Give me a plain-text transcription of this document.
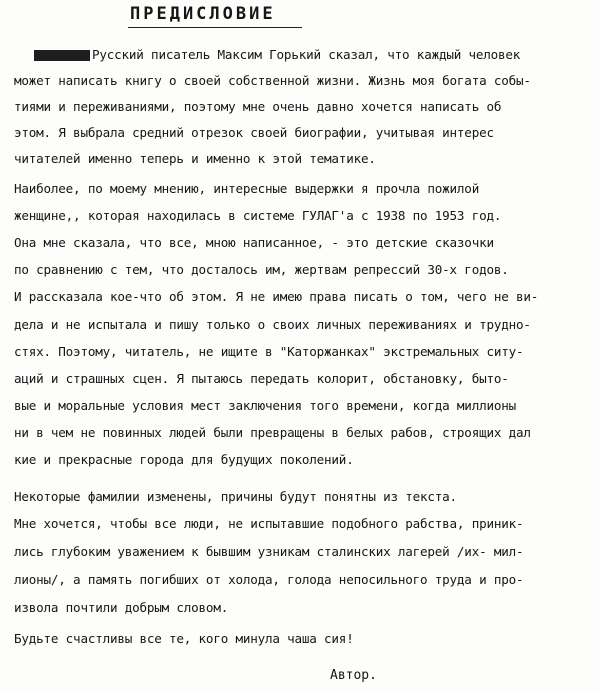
ПРЕДИСЛОВИЕ
Русский писатель Максим Горький сказал, что каждый человек
может написать книгу о своей собственной жизни. Жизнь моя богата собы-
тиями и переживаниями, поэтому мне очень давно хочется написать об
этом. Я выбрала средний отрезок своей биографии, учитывая интерес
читателей именно теперь и именно к этой тематике.
Наиболее, по моему мнению, интересные выдержки я прочла пожилой
женщине,, которая находилась в системе ГУЛАГ'а с 1938 по 1953 год.
Она мне сказала, что все, мною написанное, - это детские сказочки
по сравнению с тем, что досталось им, жертвам репрессий 30-х годов.
И рассказала кое-что об этом. Я не имею права писать о том, чего не ви-
дела и не испытала и пишу только о своих личных переживаниях и трудно-
стях. Поэтому, читатель, не ищите в "Каторжанках" экстремальных ситу-
аций и страшных сцен. Я пытаюсь передать колорит, обстановку, быто-
вые и моральные условия мест заключения того времени, когда миллионы
ни в чем не повинных людей были превращены в белых рабов, строящих дал
кие и прекрасные города для будущих поколений.
Некоторые фамилии изменены, причины будут понятны из текста.
Мне хочется, чтобы все люди, не испытавшие подобного рабства, приник-
лись глубоким уважением к бывшим узникам сталинских лагерей /их- мил-
лионы/, а память погибших от холода, голода непосильного труда и про-
изволa почтили добрым словом.
Будьте счастливы все те, кого минула чаша сия!
Автор.
